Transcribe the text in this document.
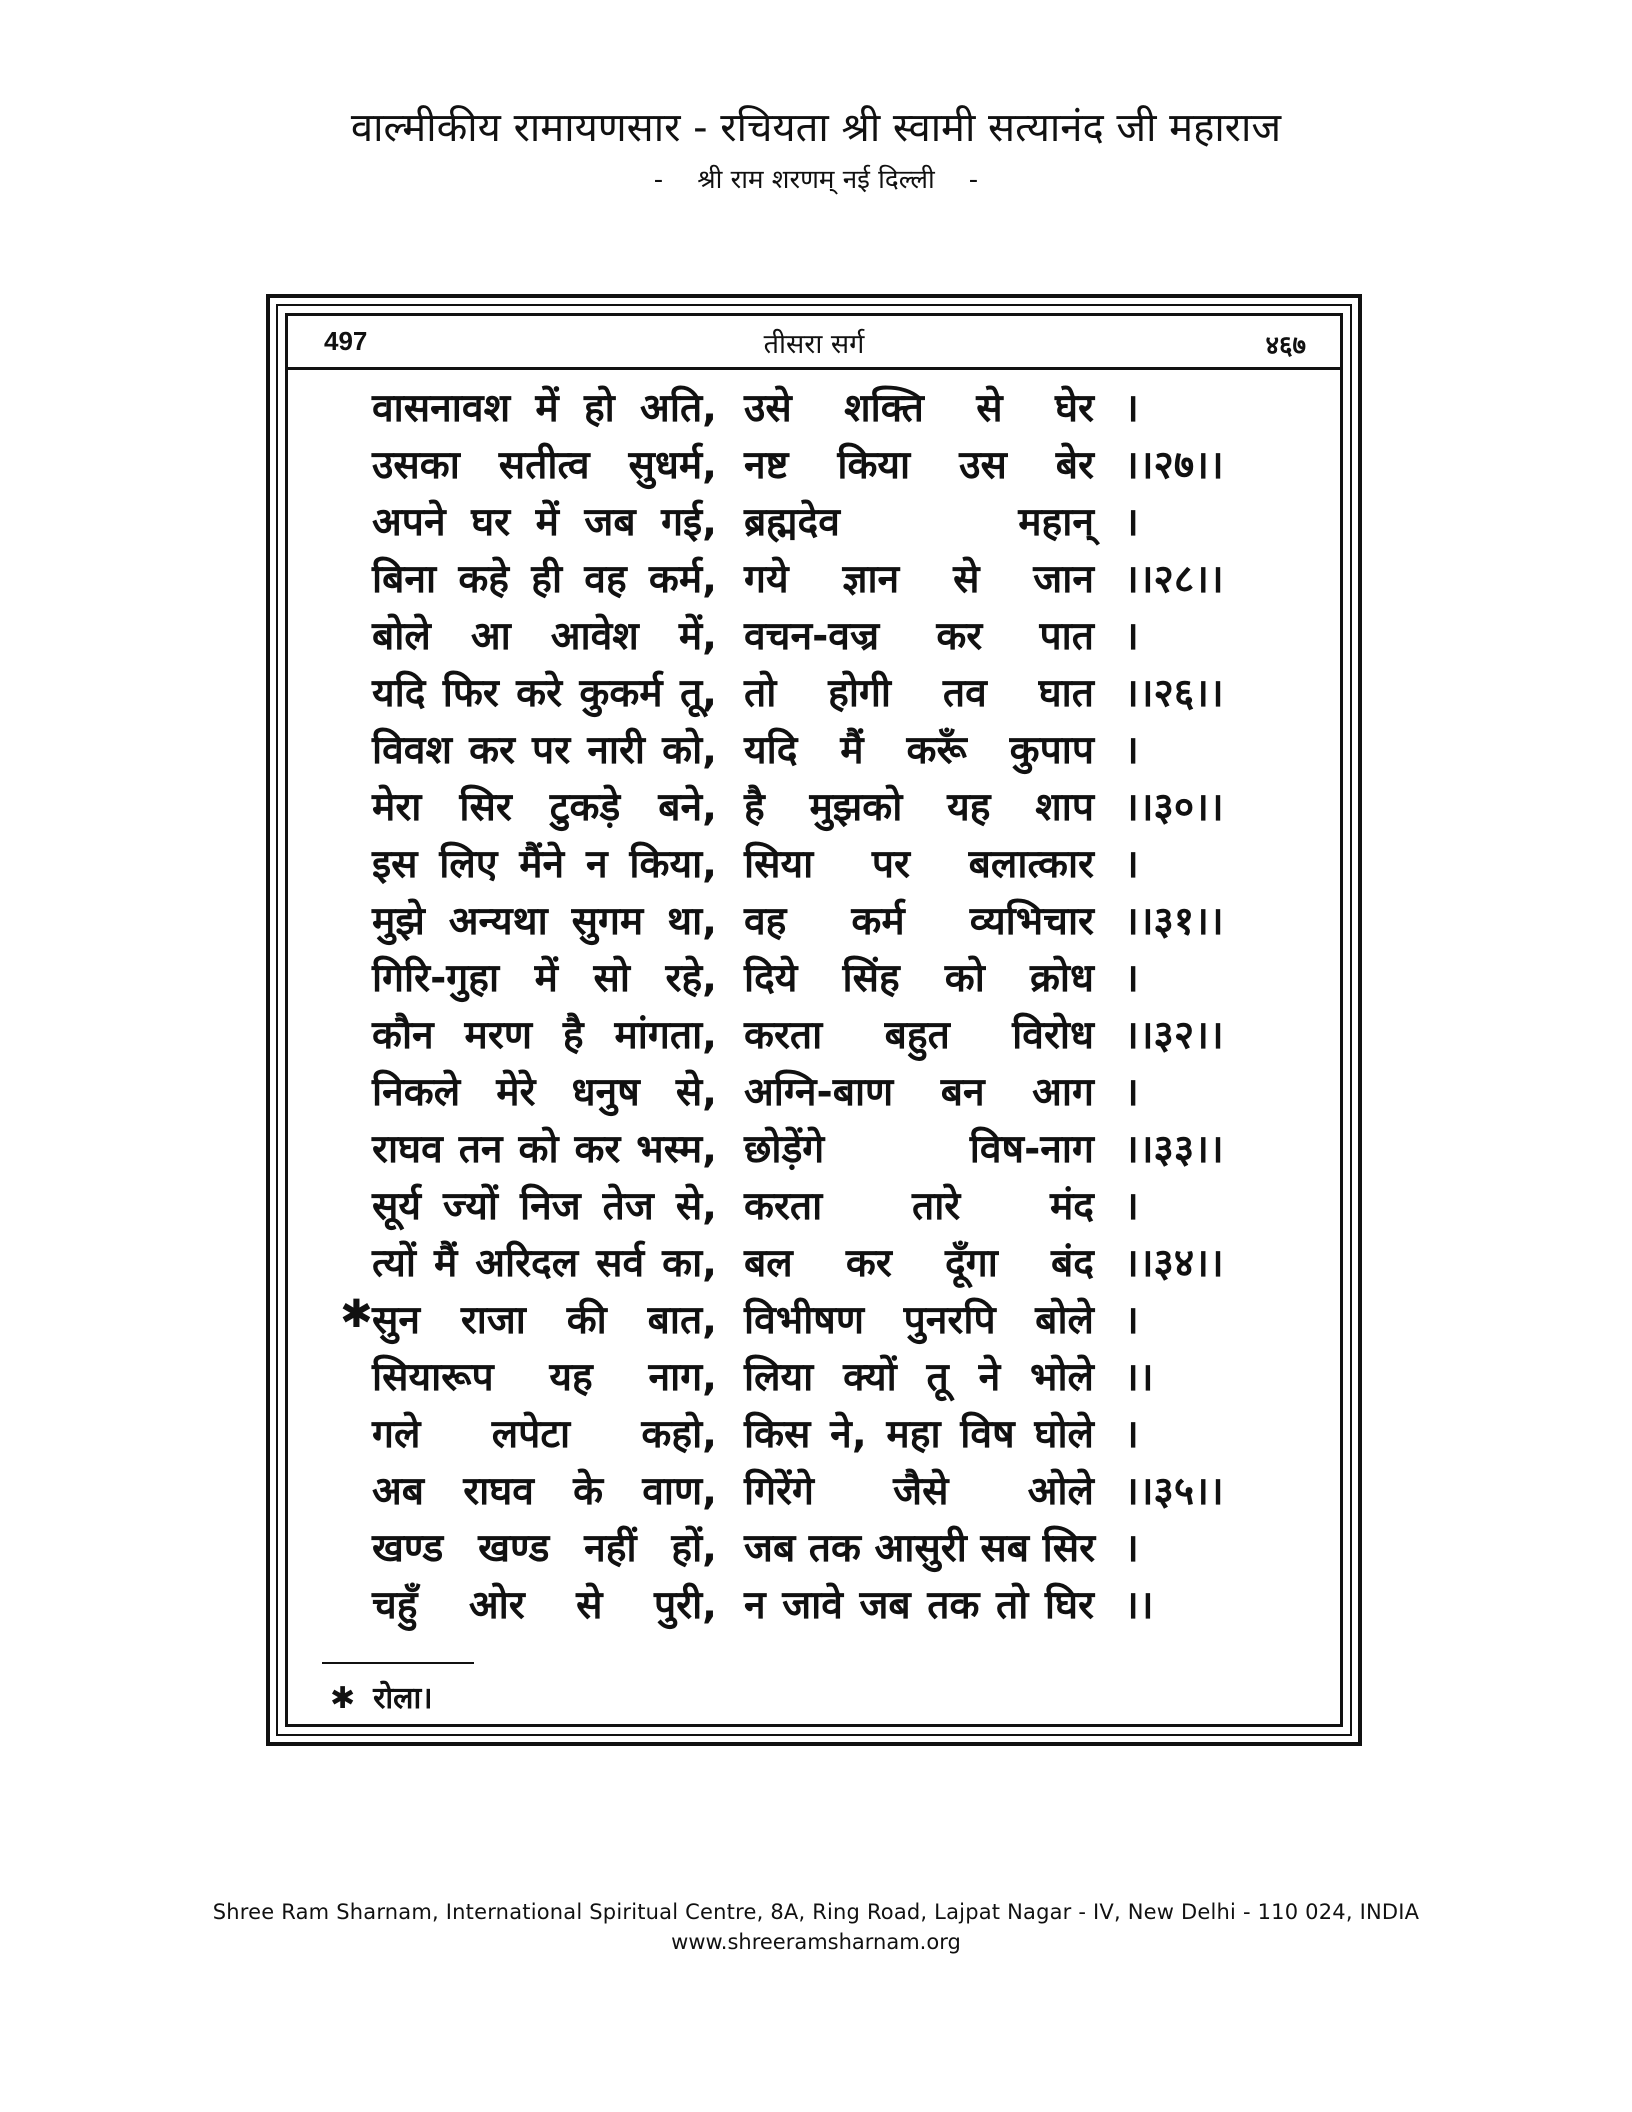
वाल्मीकीय रामायणसार - रचियता श्री स्वामी सत्यानंद जी महाराज
- श्री राम शरणम् नई दिल्ली -
497	तीसरा सर्ग	४६७
वासनावश में हो अति, उसे शक्ति से घेर ।
उसका सतीत्व सुधर्म, नष्ट किया उस बेर ।।२७।।
अपने घर में जब गई, ब्रह्मदेव महान् ।
बिना कहे ही वह कर्म, गये ज्ञान से जान ।।२८।।
बोले आ आवेश में, वचन-वज्र कर पात ।
यदि फिर करे कुकर्म तू, तो होगी तव घात ।।२६।।
विवश कर पर नारी को, यदि मैं करूँ कुपाप ।
मेरा सिर टुकड़े बने, है मुझको यह शाप ।।३०।।
इस लिए मैंने न किया, सिया पर बलात्कार ।
मुझे अन्यथा सुगम था, वह कर्म व्यभिचार ।।३१।।
गिरि-गुहा में सो रहे, दिये सिंह को क्रोध ।
कौन मरण है मांगता, करता बहुत विरोध ।।३२।।
निकले मेरे धनुष से, अग्नि-बाण बन आग ।
राघव तन को कर भस्म, छोड़ेंगे विष-नाग ।।३३।।
सूर्य ज्यों निज तेज से, करता तारे मंद ।
त्यों मैं अरिदल सर्व का, बल कर दूँगा बंद ।।३४।।
✱ सुन राजा की बात, विभीषण पुनरपि बोले ।
सियारूप यह नाग, लिया क्यों तू ने भोले ।।
गले लपेटा कहो, किस ने, महा विष घोले ।
अब राघव के वाण, गिरेंगे जैसे ओले ।।३५।।
खण्ड खण्ड नहीं हों, जब तक आसुरी सब सिर ।
चहुँ ओर से पुरी, न जावे जब तक तो घिर ।।
✱ रोला।
Shree Ram Sharnam, International Spiritual Centre, 8A, Ring Road, Lajpat Nagar - IV, New Delhi - 110 024, INDIA
www.shreeramsharnam.org
